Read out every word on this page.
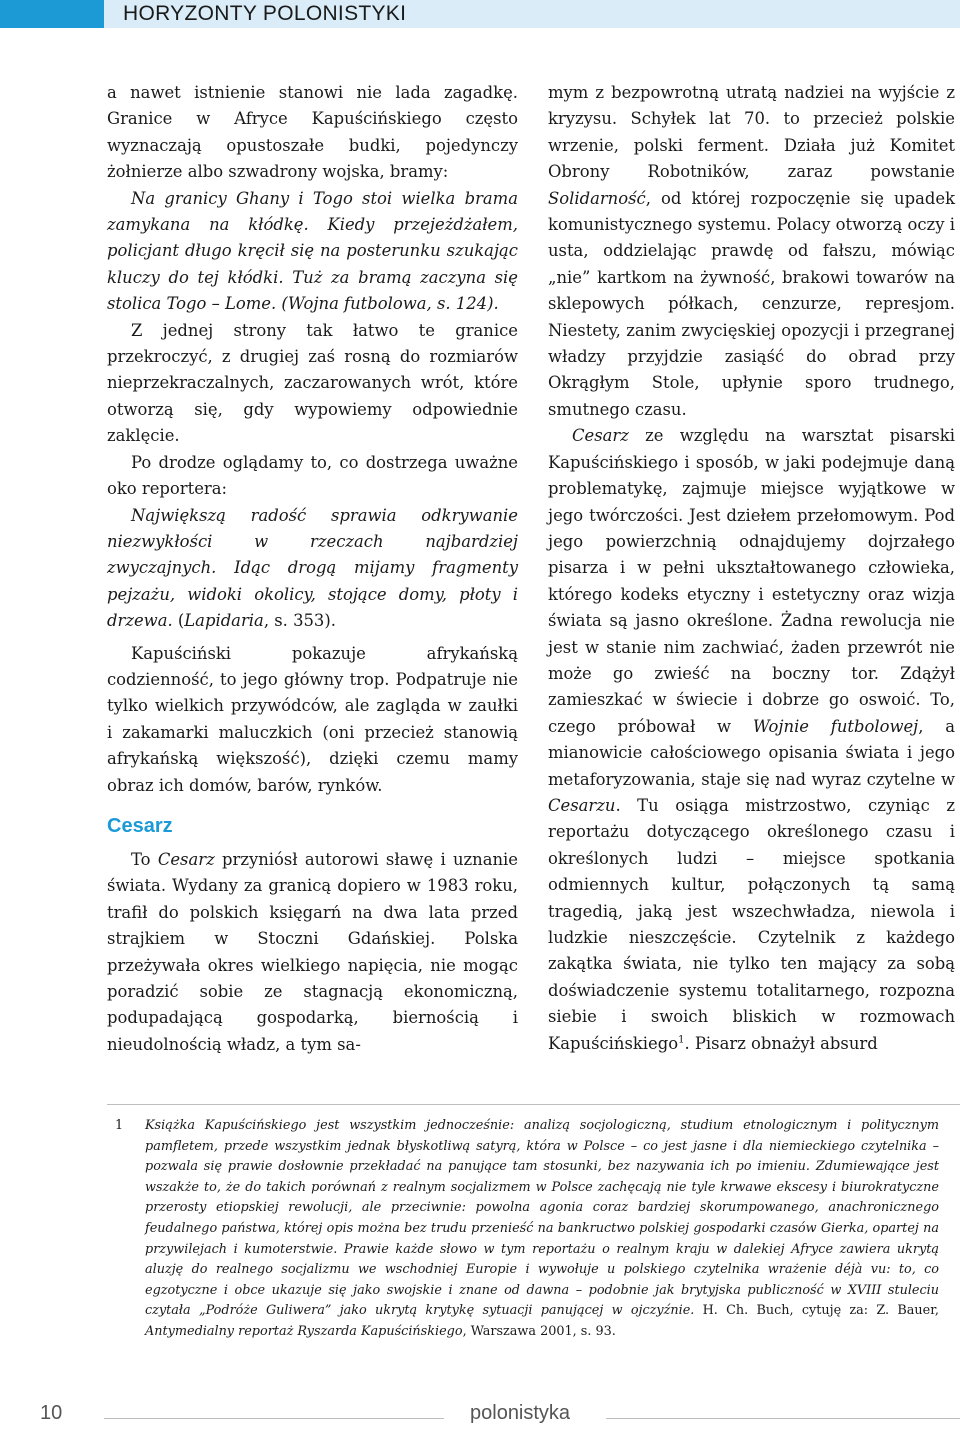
HORYZONTY POLONISTYKI

a nawet istnienie stanowi nie lada zagadkę. Granice w Afryce Kapuścińskiego często wyznaczają opustoszałe budki, pojedynczy żołnierze albo szwadrony wojska, bramy:

Na granicy Ghany i Togo stoi wielka brama zamykana na kłódkę. Kiedy przejeżdżałem, policjant długo kręcił się na posterunku szukając kluczy do tej kłódki. Tuż za bramą zaczyna się stolica Togo – Lome. (Wojna futbolowa, s. 124).

Z jednej strony tak łatwo te granice przekroczyć, z drugiej zaś rosną do rozmiarów nieprzekraczalnych, zaczarowanych wrót, które otworzą się, gdy wypowiemy odpowiednie zaklęcie.

Po drodze oglądamy to, co dostrzega uważne oko reportera:

Największą radość sprawia odkrywanie niezwykłości w rzeczach najbardziej zwyczajnych. Idąc drogą mijamy fragmenty pejzażu, widoki okolicy, stojące domy, płoty i drzewa. (Lapidaria, s. 353).

Kapuściński pokazuje afrykańską codzienność, to jego główny trop. Podpatruje nie tylko wielkich przywódców, ale zagląda w zaułki i zakamarki maluczkich (oni przecież stanowią afrykańską większość), dzięki czemu mamy obraz ich domów, barów, rynków.

Cesarz

To Cesarz przyniósł autorowi sławę i uznanie świata. Wydany za granicą dopiero w 1983 roku, trafił do polskich księgarń na dwa lata przed strajkiem w Stoczni Gdańskiej. Polska przeżywała okres wielkiego napięcia, nie mogąc poradzić sobie ze stagnacją ekonomiczną, podupadającą gospodarką, biernością i nieudolnością władz, a tym sa-

mym z bezpowrotną utratą nadziei na wyjście z kryzysu. Schyłek lat 70. to przecież polskie wrzenie, polski ferment. Działa już Komitet Obrony Robotników, zaraz powstanie Solidarność, od której rozpoczęnie się upadek komunistycznego systemu. Polacy otworzą oczy i usta, oddzielając prawdę od fałszu, mówiąc „nie” kartkom na żywność, brakowi towarów na sklepowych półkach, cenzurze, represjom. Niestety, zanim zwycięskiej opozycji i przegranej władzy przyjdzie zasiąść do obrad przy Okrągłym Stole, upłynie sporo trudnego, smutnego czasu.

Cesarz ze względu na warsztat pisarski Kapuścińskiego i sposób, w jaki podejmuje daną problematykę, zajmuje miejsce wyjątkowe w jego twórczości. Jest dziełem przełomowym. Pod jego powierzchnią odnajdujemy dojrzałego pisarza i w pełni ukształtowanego człowieka, którego kodeks etyczny i estetyczny oraz wizja świata są jasno określone. Żadna rewolucja nie jest w stanie nim zachwiać, żaden przewrót nie może go zwieść na boczny tor. Zdążył zamieszkać w świecie i dobrze go oswoić. To, czego próbował w Wojnie futbolowej, a mianowicie całościowego opisania świata i jego metaforyzowania, staje się nad wyraz czytelne w Cesarzu. Tu osiąga mistrzostwo, czyniąc z reportażu dotyczącego określonego czasu i określonych ludzi – miejsce spotkania odmiennych kultur, połączonych tą samą tragedią, jaką jest wszechwładza, niewola i ludzkie nieszczęście. Czytelnik z każdego zakątka świata, nie tylko ten mający za sobą doświadczenie systemu totalitarnego, rozpozna siebie i swoich bliskich w rozmowach Kapuścińskiego$^1$. Pisarz obnażył absurd

1 Książka Kapuścińskiego jest wszystkim jednocześnie: analizą socjologiczną, studium etnologicznym i politycznym pamfletem, przede wszystkim jednak błyskotliwą satyrą, która w Polsce – co jest jasne i dla niemieckiego czytelnika – pozwala się prawie dosłownie przekładać na panujące tam stosunki, bez nazywania ich po imieniu. Zdumiewające jest wszakże to, że do takich porównań z realnym socjalizmem w Polsce zachęcają nie tyle krwawe ekscesy i biurokratyczne przerosty etiopskiej rewolucji, ale przeciwnie: powolna agonia coraz bardziej skorumpowanego, anachronicznego feudalnego państwa, której opis można bez trudu przenieść na bankructwo polskiej gospodarki czasów Gierka, opartej na przywilejach i kumoterstwie. Prawie każde słowo w tym reportażu o realnym kraju w dalekiej Afryce zawiera ukrytą aluzję do realnego socjalizmu we wschodniej Europie i wywołuje u polskiego czytelnika wrażenie déjà vu: to, co egzotyczne i obce ukazuje się jako swojskie i znane od dawna – podobnie jak brytyjska publiczność w XVIII stuleciu czytała „Podróże Guliwera” jako ukrytą krytykę sytuacji panującej w ojczyźnie. H. Ch. Buch, cytuję za: Z. Bauer, Antymedialny reportaż Ryszarda Kapuścińskiego, Warszawa 2001, s. 93.
10	polonistyka
